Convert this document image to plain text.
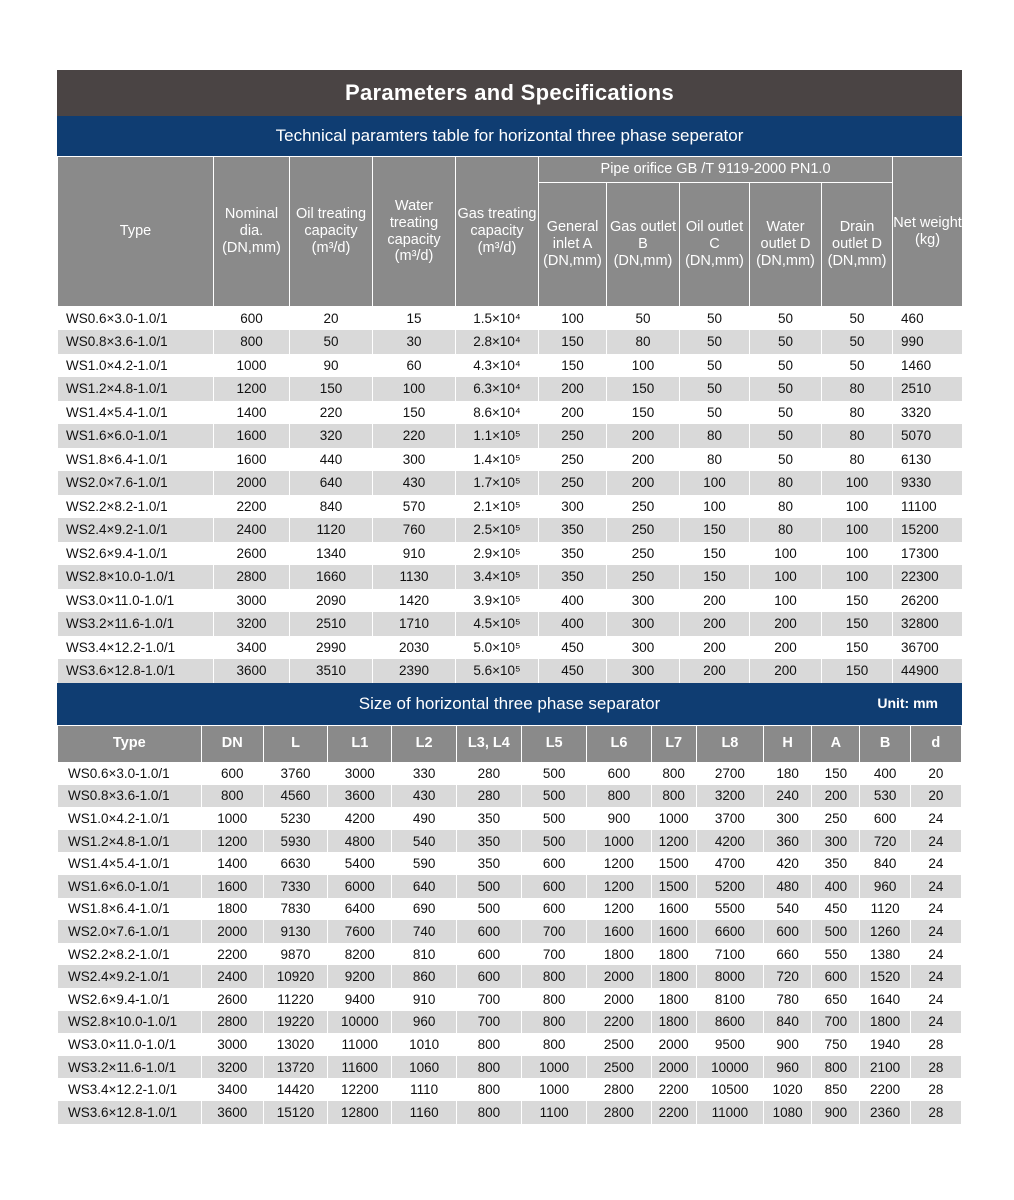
Parameters and Specifications
Technical paramters table for horizontal three phase seperator
Type	Nominal dia. (DN,mm)	Oil treating capacity (m³/d)	Water treating capacity (m³/d)	Gas treating capacity (m³/d)	Pipe orifice GB /T 9119-2000 PN1.0					Net weight (kg)
					General inlet A (DN,mm)	Gas outlet B (DN,mm)	Oil outlet C (DN,mm)	Water outlet D (DN,mm)	Drain outlet D (DN,mm)	
WS0.6×3.0-1.0/1	600	20	15	1.5×10⁴	100	50	50	50	50	460
WS0.8×3.6-1.0/1	800	50	30	2.8×10⁴	150	80	50	50	50	990
WS1.0×4.2-1.0/1	1000	90	60	4.3×10⁴	150	100	50	50	50	1460
WS1.2×4.8-1.0/1	1200	150	100	6.3×10⁴	200	150	50	50	80	2510
WS1.4×5.4-1.0/1	1400	220	150	8.6×10⁴	200	150	50	50	80	3320
WS1.6×6.0-1.0/1	1600	320	220	1.1×10⁵	250	200	80	50	80	5070
WS1.8×6.4-1.0/1	1600	440	300	1.4×10⁵	250	200	80	50	80	6130
WS2.0×7.6-1.0/1	2000	640	430	1.7×10⁵	250	200	100	80	100	9330
WS2.2×8.2-1.0/1	2200	840	570	2.1×10⁵	300	250	100	80	100	11100
WS2.4×9.2-1.0/1	2400	1120	760	2.5×10⁵	350	250	150	80	100	15200
WS2.6×9.4-1.0/1	2600	1340	910	2.9×10⁵	350	250	150	100	100	17300
WS2.8×10.0-1.0/1	2800	1660	1130	3.4×10⁵	350	250	150	100	100	22300
WS3.0×11.0-1.0/1	3000	2090	1420	3.9×10⁵	400	300	200	100	150	26200
WS3.2×11.6-1.0/1	3200	2510	1710	4.5×10⁵	400	300	200	200	150	32800
WS3.4×12.2-1.0/1	3400	2990	2030	5.0×10⁵	450	300	200	200	150	36700
WS3.6×12.8-1.0/1	3600	3510	2390	5.6×10⁵	450	300	200	200	150	44900
Size of horizontal three phase separator	Unit: mm
Type	DN	L	L1	L2	L3, L4	L5	L6	L7	L8	H	A	B	d
WS0.6×3.0-1.0/1	600	3760	3000	330	280	500	600	800	2700	180	150	400	20
WS0.8×3.6-1.0/1	800	4560	3600	430	280	500	800	800	3200	240	200	530	20
WS1.0×4.2-1.0/1	1000	5230	4200	490	350	500	900	1000	3700	300	250	600	24
WS1.2×4.8-1.0/1	1200	5930	4800	540	350	500	1000	1200	4200	360	300	720	24
WS1.4×5.4-1.0/1	1400	6630	5400	590	350	600	1200	1500	4700	420	350	840	24
WS1.6×6.0-1.0/1	1600	7330	6000	640	500	600	1200	1500	5200	480	400	960	24
WS1.8×6.4-1.0/1	1800	7830	6400	690	500	600	1200	1600	5500	540	450	1120	24
WS2.0×7.6-1.0/1	2000	9130	7600	740	600	700	1600	1600	6600	600	500	1260	24
WS2.2×8.2-1.0/1	2200	9870	8200	810	600	700	1800	1800	7100	660	550	1380	24
WS2.4×9.2-1.0/1	2400	10920	9200	860	600	800	2000	1800	8000	720	600	1520	24
WS2.6×9.4-1.0/1	2600	11220	9400	910	700	800	2000	1800	8100	780	650	1640	24
WS2.8×10.0-1.0/1	2800	19220	10000	960	700	800	2200	1800	8600	840	700	1800	24
WS3.0×11.0-1.0/1	3000	13020	11000	1010	800	800	2500	2000	9500	900	750	1940	28
WS3.2×11.6-1.0/1	3200	13720	11600	1060	800	1000	2500	2000	10000	960	800	2100	28
WS3.4×12.2-1.0/1	3400	14420	12200	1110	800	1000	2800	2200	10500	1020	850	2200	28
WS3.6×12.8-1.0/1	3600	15120	12800	1160	800	1100	2800	2200	11000	1080	900	2360	28
